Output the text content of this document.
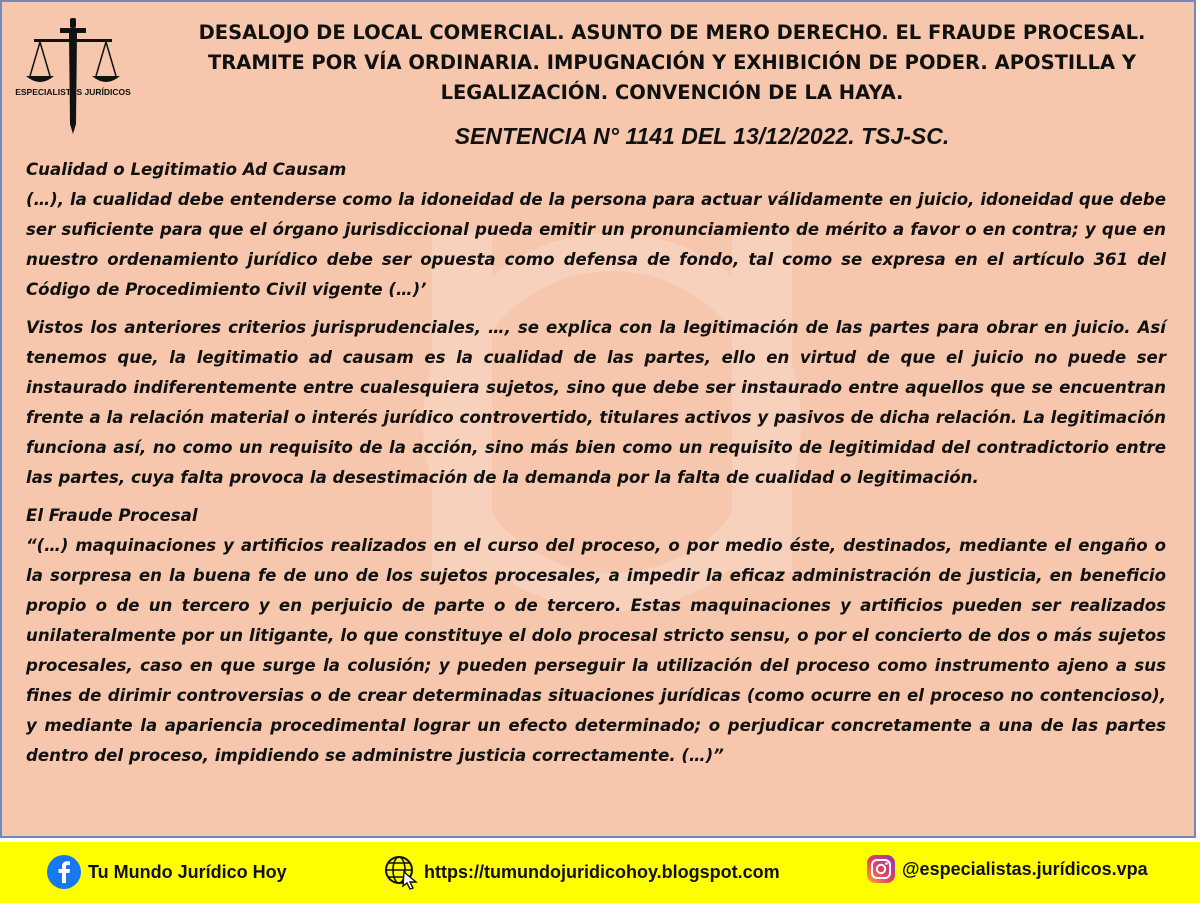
ESPECIALISTAS JURÍDICOS
DESALOJO DE LOCAL COMERCIAL. ASUNTO DE MERO DERECHO. EL FRAUDE PROCESAL.
TRAMITE POR VÍA ORDINARIA. IMPUGNACIÓN Y EXHIBICIÓN DE PODER. APOSTILLA Y
LEGALIZACIÓN. CONVENCIÓN DE LA HAYA.
SENTENCIA N° 1141 DEL 13/12/2022. TSJ-SC.
Cualidad o Legitimatio Ad Causam

(…), la cualidad debe entenderse como la idoneidad de la persona para actuar válidamente en juicio, idoneidad que debe ser suficiente para que el órgano jurisdiccional pueda emitir un pronunciamiento de mérito a favor o en contra; y que en nuestro ordenamiento jurídico debe ser opuesta como defensa de fondo, tal como se expresa en el artículo 361 del Código de Procedimiento Civil vigente (…)’

Vistos los anteriores criterios jurisprudenciales, …, se explica con la legitimación de las partes para obrar en juicio. Así tenemos que, la legitimatio ad causam es la cualidad de las partes, ello en virtud de que el juicio no puede ser instaurado indiferentemente entre cualesquiera sujetos, sino que debe ser instaurado entre aquellos que se encuentran frente a la relación material o interés jurídico controvertido, titulares activos y pasivos de dicha relación. La legitimación funciona así, no como un requisito de la acción, sino más bien como un requisito de legitimidad del contradictorio entre las partes, cuya falta provoca la desestimación de la demanda por la falta de cualidad o legitimación.

El Fraude Procesal

“(…) maquinaciones y artificios realizados en el curso del proceso, o por medio éste, destinados, mediante el engaño o la sorpresa en la buena fe de uno de los sujetos procesales, a impedir la eficaz administración de justicia, en beneficio propio o de un tercero y en perjuicio de parte o de tercero. Estas maquinaciones y artificios pueden ser realizados unilateralmente por un litigante, lo que constituye el dolo procesal stricto sensu, o por el concierto de dos o más sujetos procesales, caso en que surge la colusión; y pueden perseguir la utilización del proceso como instrumento ajeno a sus fines de dirimir controversias o de crear determinadas situaciones jurídicas (como ocurre en el proceso no contencioso), y mediante la apariencia procedimental lograr un efecto determinado; o perjudicar concretamente a una de las partes dentro del proceso, impidiendo se administre justicia correctamente. (…)”

Tu Mundo Jurídico Hoy	https://tumundojuridicohoy.blogspot.com	@especialistas.jurídicos.vpa
